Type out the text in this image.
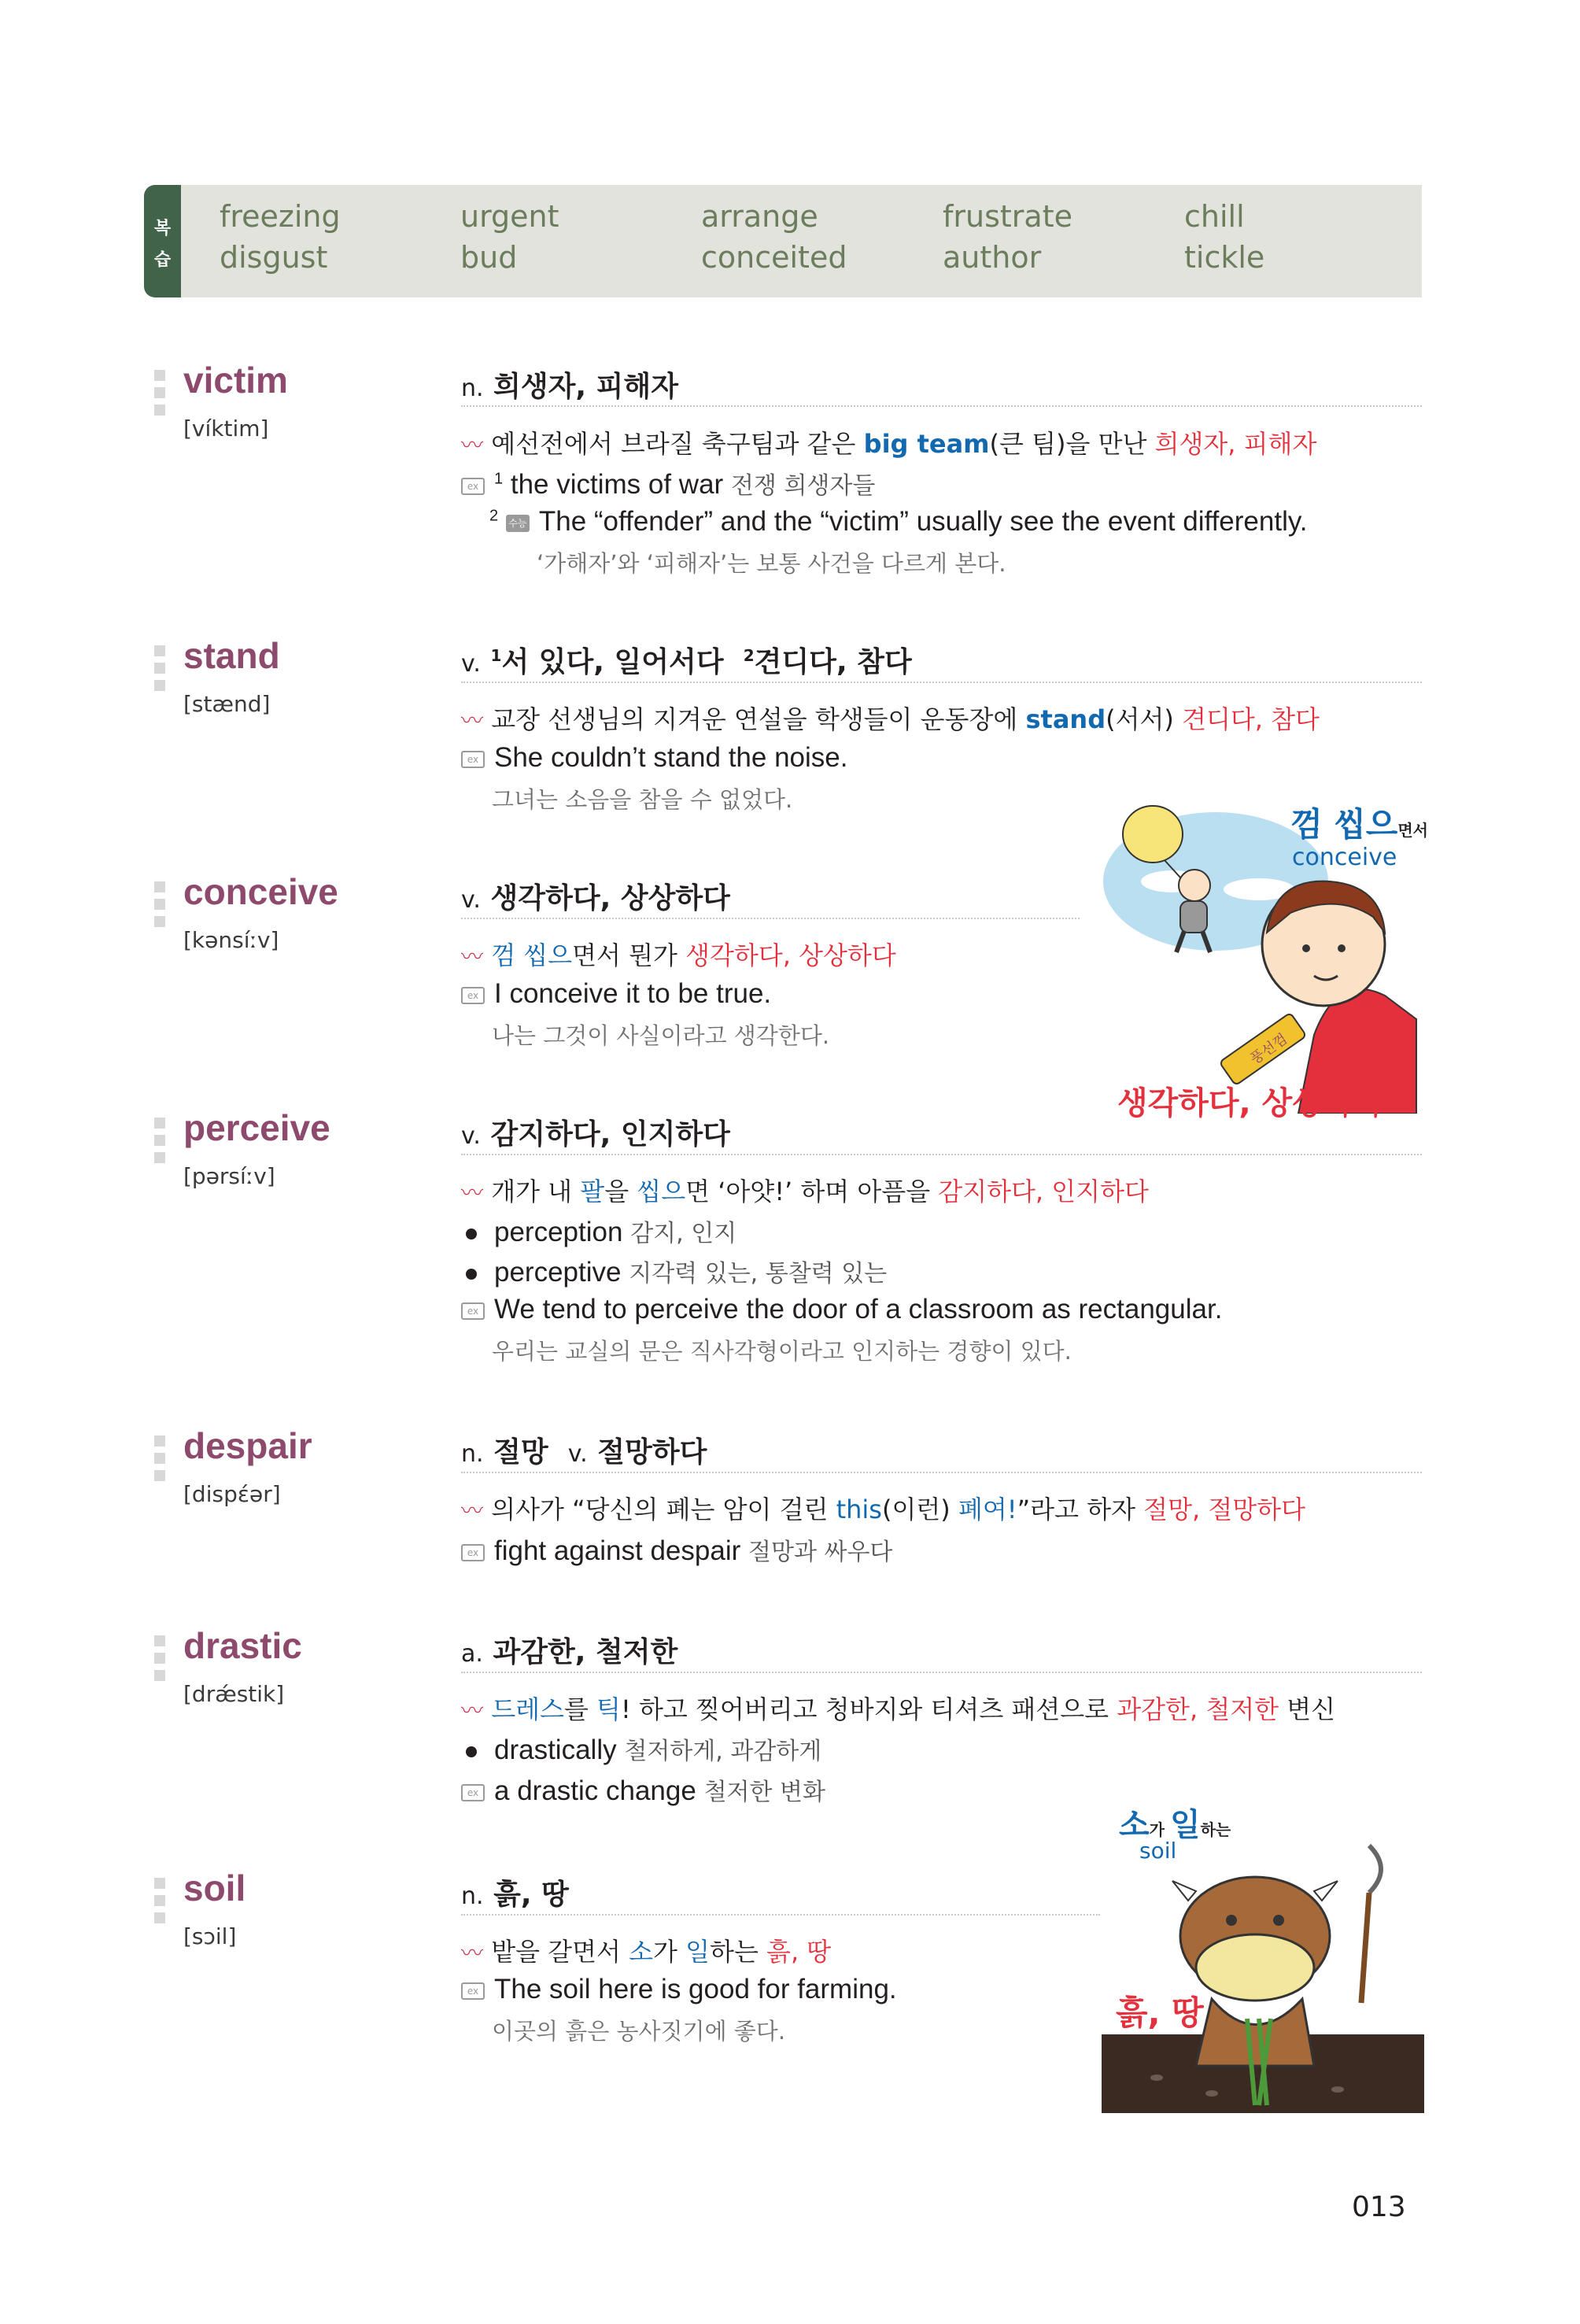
복
습
freezing	urgent	arrange	frustrate	chill
disgust	bud	conceited	author	tickle
victim
[víktim]
n. 희생자, 피해자
〰 예선전에서 브라질 축구팀과 같은 big team(큰 팀)을 만난 희생자, 피해자
ex $^1$ the victims of war 전쟁 희생자들
$^2$ 수능 The “offender” and the “victim” usually see the event differently.
‘가해자’와 ‘피해자’는 보통 사건을 다르게 본다.
stand
[stænd]
v. $^1$서 있다, 일어서다 $^2$견디다, 참다
〰 교장 선생님의 지겨운 연설을 학생들이 운동장에 stand(서서) 견디다, 참다
ex She couldn’t stand the noise.
그녀는 소음을 참을 수 없었다.
conceive
[kənsíːv]
v. 생각하다, 상상하다
〰 껌 씹으면서 뭔가 생각하다, 상상하다
ex I conceive it to be true.
나는 그것이 사실이라고 생각한다.	풍선껌
껌 씹으면서
conceive
생각하다, 상상하다
perceive
[pərsíːv]
v. 감지하다, 인지하다
〰 개가 내 팔을 씹으면 ‘아얏!’ 하며 아픔을 감지하다, 인지하다
perception 감지, 인지
perceptive 지각력 있는, 통찰력 있는
ex We tend to perceive the door of a classroom as rectangular.
우리는 교실의 문은 직사각형이라고 인지하는 경향이 있다.
despair
[dispɛ́ər]
n. 절망 v. 절망하다
〰 의사가 “당신의 폐는 암이 걸린 this(이런) 폐여!”라고 하자 절망, 절망하다
ex fight against despair 절망과 싸우다
drastic
[drǽstik]
a. 과감한, 철저한
〰 드레스를 틱! 하고 찢어버리고 청바지와 티셔츠 패션으로 과감한, 철저한 변신
drastically 철저하게, 과감하게
ex a drastic change 철저한 변화
soil
[sɔil]
n. 흙, 땅
〰 밭을 갈면서 소가 일하는 흙, 땅
ex The soil here is good for farming.
이곳의 흙은 농사짓기에 좋다.
소가 일하는
soil
흙, 땅
013
